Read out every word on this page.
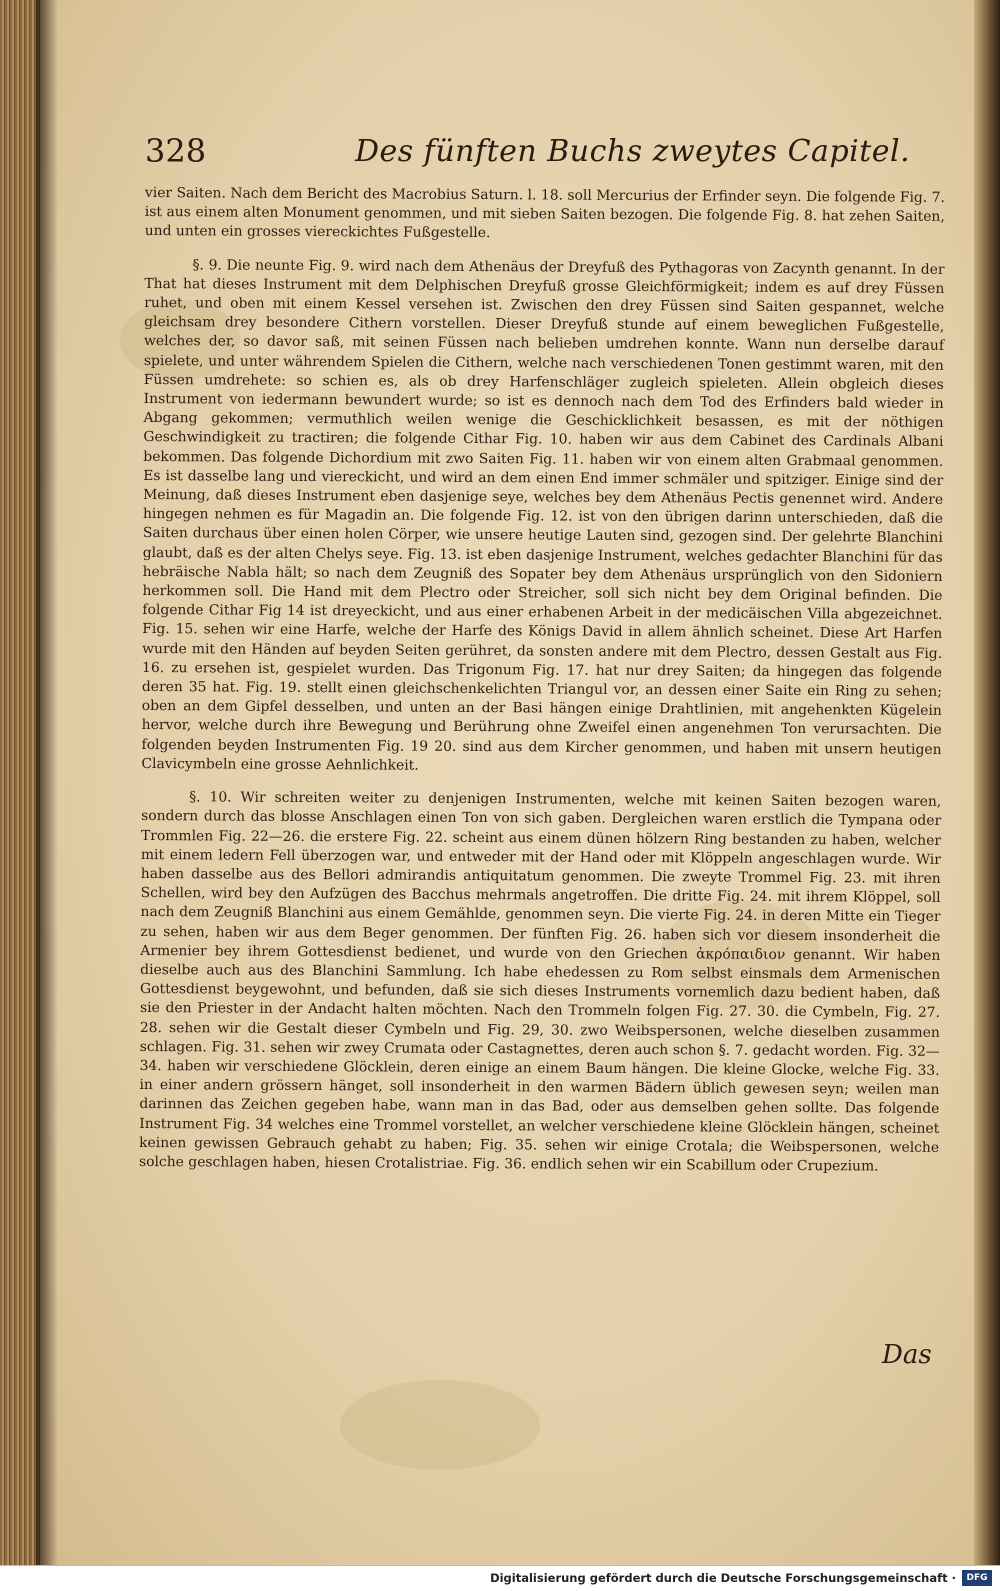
328	Des fünften Buchs zweytes Capitel.

vier Saiten. Nach dem Bericht des Macrobius Saturn. l. 18. soll Mercurius der Erfinder seyn. Die folgende Fig. 7. ist aus einem alten Monument genommen, und mit sieben Saiten bezogen. Die folgende Fig. 8. hat zehen Saiten, und unten ein grosses viereckichtes Fußgestelle.

§. 9. Die neunte Fig. 9. wird nach dem Athenäus der Dreyfuß des Pythagoras von Zacynth genannt. In der That hat dieses Instrument mit dem Delphischen Dreyfuß grosse Gleichförmigkeit; indem es auf drey Füssen ruhet, und oben mit einem Kessel versehen ist. Zwischen den drey Füssen sind Saiten gespannet, welche gleichsam drey besondere Cithern vorstellen. Dieser Dreyfuß stunde auf einem beweglichen Fußgestelle, welches der, so davor saß, mit seinen Füssen nach belieben umdrehen konnte. Wann nun derselbe darauf spielete, und unter währendem Spielen die Cithern, welche nach verschiedenen Tonen gestimmt waren, mit den Füssen umdrehete: so schien es, als ob drey Harfenschläger zugleich spieleten. Allein obgleich dieses Instrument von iedermann bewundert wurde; so ist es dennoch nach dem Tod des Erfinders bald wieder in Abgang gekommen; vermuthlich weilen wenige die Geschicklichkeit besassen, es mit der nöthigen Geschwindigkeit zu tractiren; die folgende Cithar Fig. 10. haben wir aus dem Cabinet des Cardinals Albani bekommen. Das folgende Dichordium mit zwo Saiten Fig. 11. haben wir von einem alten Grabmaal genommen. Es ist dasselbe lang und viereckicht, und wird an dem einen End immer schmäler und spitziger. Einige sind der Meinung, daß dieses Instrument eben dasjenige seye, welches bey dem Athenäus Pectis genennet wird. Andere hingegen nehmen es für Magadin an. Die folgende Fig. 12. ist von den übrigen darinn unterschieden, daß die Saiten durchaus über einen holen Cörper, wie unsere heutige Lauten sind, gezogen sind. Der gelehrte Blanchini glaubt, daß es der alten Chelys seye. Fig. 13. ist eben dasjenige Instrument, welches gedachter Blanchini für das hebräische Nabla hält; so nach dem Zeugniß des Sopater bey dem Athenäus ursprünglich von den Sidoniern herkommen soll. Die Hand mit dem Plectro oder Streicher, soll sich nicht bey dem Original befinden. Die folgende Cithar Fig 14 ist dreyeckicht, und aus einer erhabenen Arbeit in der medicäischen Villa abgezeichnet. Fig. 15. sehen wir eine Harfe, welche der Harfe des Königs David in allem ähnlich scheinet. Diese Art Harfen wurde mit den Händen auf beyden Seiten gerühret, da sonsten andere mit dem Plectro, dessen Gestalt aus Fig. 16. zu ersehen ist, gespielet wurden. Das Trigonum Fig. 17. hat nur drey Saiten; da hingegen das folgende deren 35 hat. Fig. 19. stellt einen gleichschenkelichten Triangul vor, an dessen einer Saite ein Ring zu sehen; oben an dem Gipfel desselben, und unten an der Basi hängen einige Drahtlinien, mit angehenkten Kügelein hervor, welche durch ihre Bewegung und Berührung ohne Zweifel einen angenehmen Ton verursachten. Die folgenden beyden Instrumenten Fig. 19 20. sind aus dem Kircher genommen, und haben mit unsern heutigen Clavicymbeln eine grosse Aehnlichkeit.

§. 10. Wir schreiten weiter zu denjenigen Instrumenten, welche mit keinen Saiten bezogen waren, sondern durch das blosse Anschlagen einen Ton von sich gaben. Dergleichen waren erstlich die Tympana oder Trommlen Fig. 22—26. die erstere Fig. 22. scheint aus einem dünen hölzern Ring bestanden zu haben, welcher mit einem ledern Fell überzogen war, und entweder mit der Hand oder mit Klöppeln angeschlagen wurde. Wir haben dasselbe aus des Bellori admirandis antiquitatum genommen. Die zweyte Trommel Fig. 23. mit ihren Schellen, wird bey den Aufzügen des Bacchus mehrmals angetroffen. Die dritte Fig. 24. mit ihrem Klöppel, soll nach dem Zeugniß Blanchini aus einem Gemählde, genommen seyn. Die vierte Fig. 24. in deren Mitte ein Tieger zu sehen, haben wir aus dem Beger genommen. Der fünften Fig. 26. haben sich vor diesem insonderheit die Armenier bey ihrem Gottesdienst bedienet, und wurde von den Griechen ἀκρόπαιδιον genannt. Wir haben dieselbe auch aus des Blanchini Sammlung. Ich habe ehedessen zu Rom selbst einsmals dem Armenischen Gottesdienst beygewohnt, und befunden, daß sie sich dieses Instruments vornemlich dazu bedient haben, daß sie den Priester in der Andacht halten möchten. Nach den Trommeln folgen Fig. 27. 30. die Cymbeln, Fig. 27. 28. sehen wir die Gestalt dieser Cymbeln und Fig. 29, 30. zwo Weibspersonen, welche dieselben zusammen schlagen. Fig. 31. sehen wir zwey Crumata oder Castagnettes, deren auch schon §. 7. gedacht worden. Fig. 32—34. haben wir verschiedene Glöcklein, deren einige an einem Baum hängen. Die kleine Glocke, welche Fig. 33. in einer andern grössern hänget, soll insonderheit in den warmen Bädern üblich gewesen seyn; weilen man darinnen das Zeichen gegeben habe, wann man in das Bad, oder aus demselben gehen sollte. Das folgende Instrument Fig. 34 welches eine Trommel vorstellet, an welcher verschiedene kleine Glöcklein hängen, scheinet keinen gewissen Gebrauch gehabt zu haben; Fig. 35. sehen wir einige Crotala; die Weibspersonen, welche solche geschlagen haben, hiesen Crotalistriae. Fig. 36. endlich sehen wir ein Scabillum oder Crupezium.

Das
Digitalisierung gefördert durch die Deutsche Forschungsgemeinschaft ·	DFG
